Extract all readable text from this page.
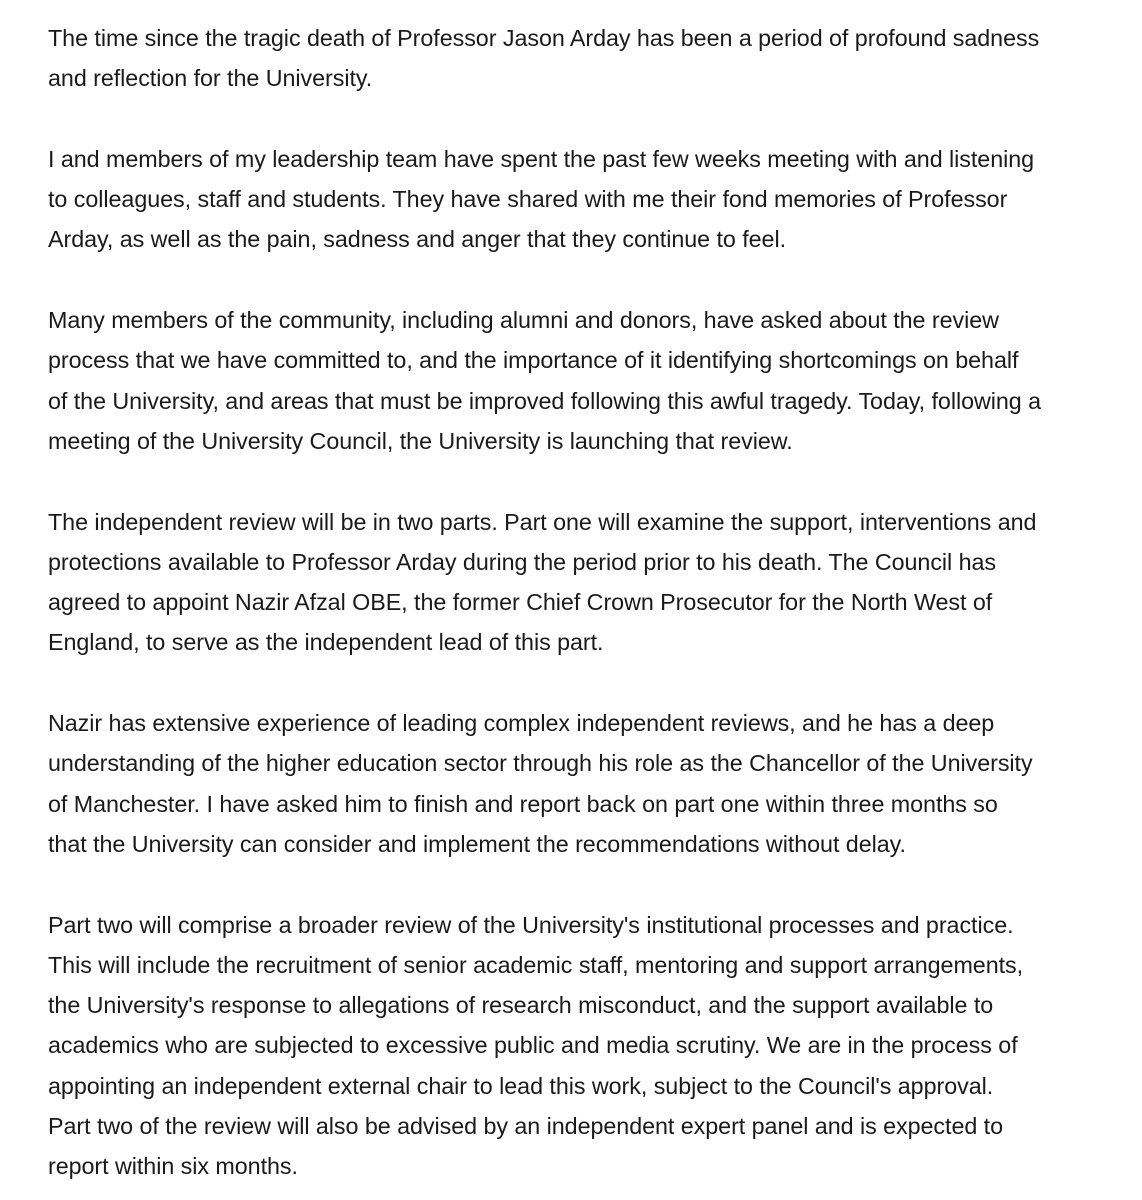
The time since the tragic death of Professor Jason Arday has been a period of profound sadness
and reflection for the University.

I and members of my leadership team have spent the past few weeks meeting with and listening
to colleagues, staff and students. They have shared with me their fond memories of Professor
Arday, as well as the pain, sadness and anger that they continue to feel.

Many members of the community, including alumni and donors, have asked about the review
process that we have committed to, and the importance of it identifying shortcomings on behalf
of the University, and areas that must be improved following this awful tragedy. Today, following a
meeting of the University Council, the University is launching that review.

The independent review will be in two parts. Part one will examine the support, interventions and
protections available to Professor Arday during the period prior to his death. The Council has
agreed to appoint Nazir Afzal OBE, the former Chief Crown Prosecutor for the North West of
England, to serve as the independent lead of this part.

Nazir has extensive experience of leading complex independent reviews, and he has a deep
understanding of the higher education sector through his role as the Chancellor of the University
of Manchester. I have asked him to finish and report back on part one within three months so
that the University can consider and implement the recommendations without delay.

Part two will comprise a broader review of the University's institutional processes and practice.
This will include the recruitment of senior academic staff, mentoring and support arrangements,
the University's response to allegations of research misconduct, and the support available to
academics who are subjected to excessive public and media scrutiny. We are in the process of
appointing an independent external chair to lead this work, subject to the Council's approval.
Part two of the review will also be advised by an independent expert panel and is expected to
report within six months.
